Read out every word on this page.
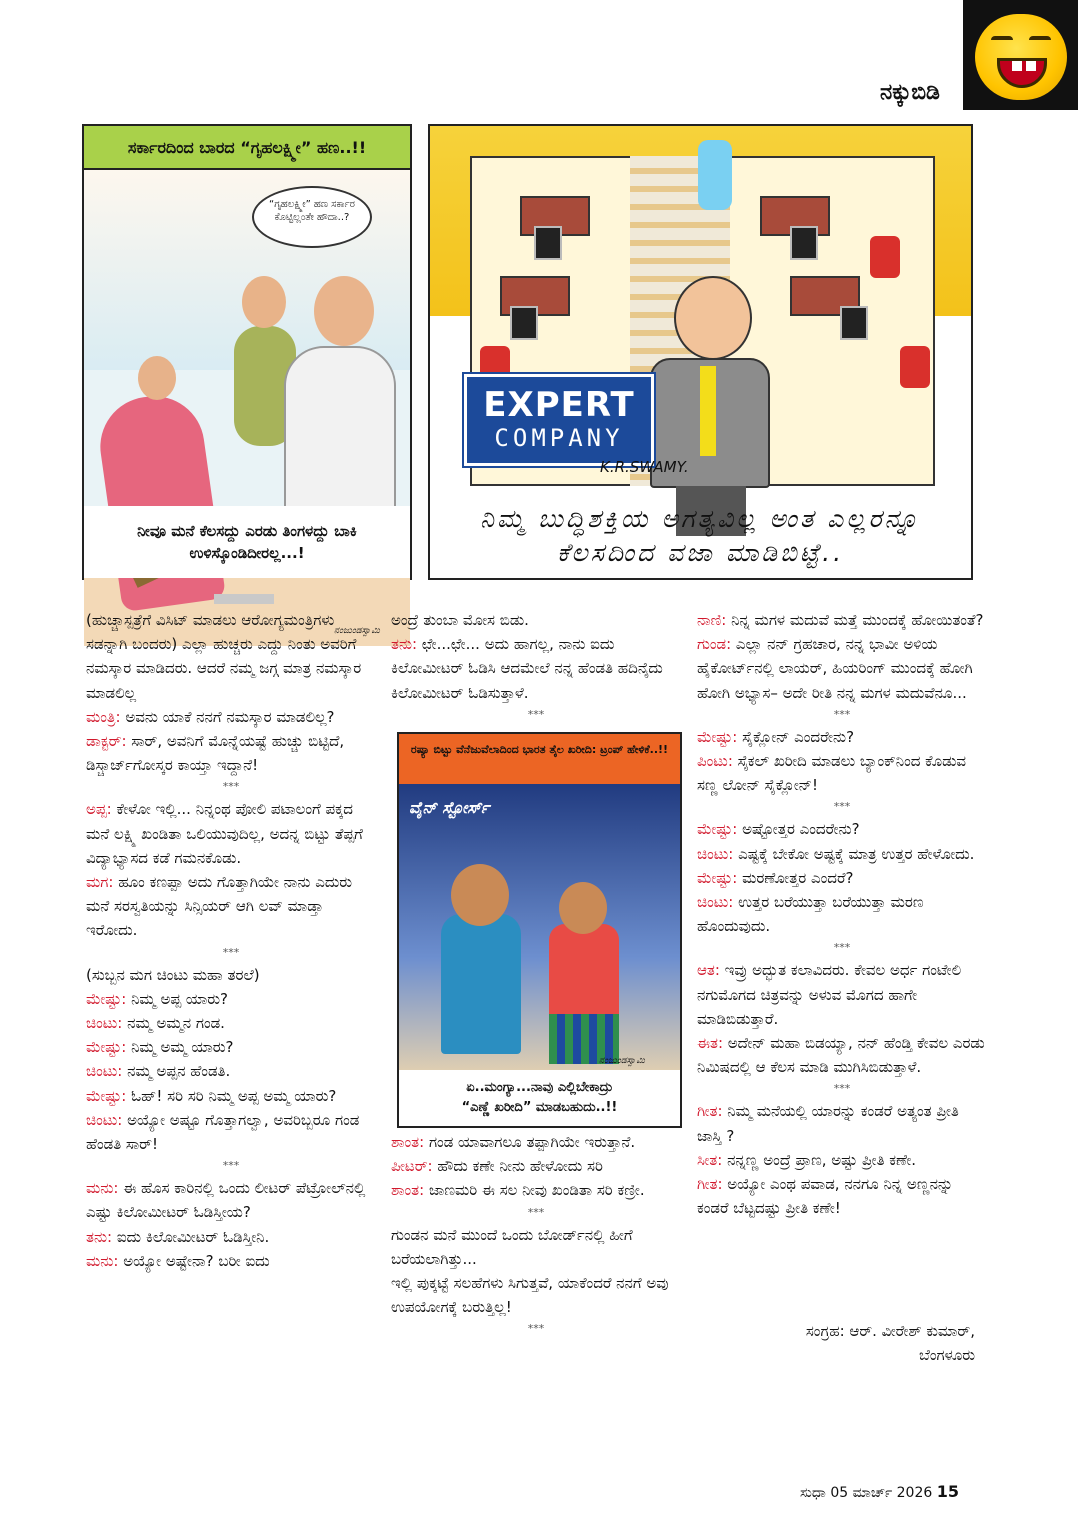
ನಕ್ಕುಬಿಡಿ
ಸರ್ಕಾರದಿಂದ ಬಾರದ “ಗೃಹಲಕ್ಷ್ಮೀ” ಹಣ..!!
“ಗೃಹಲಕ್ಷ್ಮೀ” ಹಣ ಸರ್ಕಾರ ಕೊಟ್ಟಿಲ್ಲಂತೇ ಹೌದಾ..?
ನಂಜುಂಡಸ್ವಾಮಿ
ನೀವೂ ಮನೆ ಕೆಲಸದ್ದು ಎರಡು ತಿಂಗಳದ್ದು ಬಾಕಿ ಉಳಿಸ್ಕೊಂಡಿದೀರಲ್ಲ...!
EXPERT
COMPANY
K.R.SWAMY.
ನಿಮ್ಮ ಬುದ್ಧಿಶಕ್ತಿಯ ಅಗತ್ಯವಿಲ್ಲ ಅಂತ ಎಲ್ಲರನ್ನೂ ಕೆಲಸದಿಂದ ವಜಾ ಮಾಡಿಬಿಟ್ಟೆ..

(ಹುಚ್ಚಾಸ್ಪತ್ರೆಗೆ ವಿಸಿಟ್ ಮಾಡಲು ಆರೋಗ್ಯಮಂತ್ರಿಗಳು ಸಡನ್ನಾಗಿ ಬಂದರು) ಎಲ್ಲಾ ಹುಚ್ಚರು ಎದ್ದು ನಿಂತು ಅವರಿಗೆ ನಮಸ್ಕಾರ ಮಾಡಿದರು. ಆದರೆ ನಮ್ಮ ಜಗ್ಗ ಮಾತ್ರ ನಮಸ್ಕಾರ ಮಾಡಲಿಲ್ಲ

ಮಂತ್ರಿ: ಅವನು ಯಾಕೆ ನನಗೆ ನಮಸ್ಕಾರ ಮಾಡಲಿಲ್ಲ?

ಡಾಕ್ಟರ್: ಸಾರ್, ಅವನಿಗೆ ಮೊನ್ನೆಯಷ್ಟೆ ಹುಚ್ಚು ಬಿಟ್ಟಿದೆ, ಡಿಸ್ಚಾರ್ಜ್‌ಗೋಸ್ಕರ ಕಾಯ್ತಾ ಇದ್ದಾನೆ!

***

ಅಪ್ಪ: ಕೇಳೋ ಇಲ್ಲಿ... ನಿನ್ನಂಥ ಪೋಲಿ ಪಟಾಲಂಗೆ ಪಕ್ಕದ ಮನೆ ಲಕ್ಷ್ಮಿ ಖಂಡಿತಾ ಒಲಿಯುವುದಿಲ್ಲ, ಅದನ್ನ ಬಿಟ್ಟು ತೆಪ್ಪಗೆ ವಿದ್ಯಾಭ್ಯಾಸದ ಕಡೆ ಗಮನಕೊಡು.

ಮಗ: ಹೂಂ ಕಣಪ್ಪಾ ಅದು ಗೊತ್ತಾಗಿಯೇ ನಾನು ಎದುರು ಮನೆ ಸರಸ್ವತಿಯನ್ನು ಸಿನ್ಸಿಯರ್ ಆಗಿ ಲವ್ ಮಾಡ್ತಾ ಇರೋದು.

***

(ಸುಬ್ಬನ ಮಗ ಚಿಂಟು ಮಹಾ ತರಲೆ)

ಮೇಷ್ಟು: ನಿಮ್ಮ ಅಪ್ಪ ಯಾರು?

ಚಿಂಟು: ನಮ್ಮ ಅಮ್ಮನ ಗಂಡ.

ಮೇಷ್ಟು: ನಿಮ್ಮ ಅಮ್ಮ ಯಾರು?

ಚಿಂಟು: ನಮ್ಮ ಅಪ್ಪನ ಹೆಂಡತಿ.

ಮೇಷ್ಟು: ಓಹ್! ಸರಿ ಸರಿ ನಿಮ್ಮ ಅಪ್ಪ ಅಮ್ಮ ಯಾರು?

ಚಿಂಟು: ಅಯ್ಯೋ ಅಷ್ಟೂ ಗೊತ್ತಾಗಲ್ವಾ, ಅವರಿಬ್ಬರೂ ಗಂಡ ಹೆಂಡತಿ ಸಾರ್!

***

ಮನು: ಈ ಹೊಸ ಕಾರಿನಲ್ಲಿ ಒಂದು ಲೀಟರ್ ಪೆಟ್ರೋಲ್‌ನಲ್ಲಿ ಎಷ್ಟು ಕಿಲೋಮೀಟರ್ ಓಡಿಸ್ತೀಯ?

ತನು: ಐದು ಕಿಲೋಮೀಟರ್ ಓಡಿಸ್ತೀನಿ.

ಮನು: ಅಯ್ಯೋ ಅಷ್ಟೇನಾ? ಬರೀ ಐದು

ಅಂದ್ರೆ ತುಂಬಾ ಮೋಸ ಬಿಡು.

ತನು: ಛೇ...ಛೇ... ಅದು ಹಾಗಲ್ಲ, ನಾನು ಐದು ಕಿಲೋಮೀಟರ್ ಓಡಿಸಿ ಆದಮೇಲೆ ನನ್ನ ಹೆಂಡತಿ ಹದಿನೈದು ಕಿಲೋಮೀಟರ್ ಓಡಿಸುತ್ತಾಳೆ.

***

ರಷ್ಯಾ ಬಿಟ್ಟು ವೆನೆಜುವೆಲಾದಿಂದ ಭಾರತ ತೈಲ ಖರೀದಿ: ಟ್ರಂಪ್ ಹೇಳಿಕೆ..!!
ವೈನ್ ಸ್ಟೋರ್ಸ್
ನಂಜುಂಡಸ್ವಾಮಿ
ಏ..ಮಂಗ್ಯಾ...ನಾವು ಎಲ್ಲಿಬೇಕಾದ್ರು
“ಎಣ್ಣೆ ಖರೀದಿ” ಮಾಡಬಹುದು..!!

ಶಾಂತ: ಗಂಡ ಯಾವಾಗಲೂ ತಪ್ಪಾಗಿಯೇ ಇರುತ್ತಾನೆ.

ಪೀಟರ್: ಹೌದು ಕಣೇ ನೀನು ಹೇಳೋದು ಸರಿ

ಶಾಂತ: ಜಾಣಮರಿ ಈ ಸಲ ನೀವು ಖಂಡಿತಾ ಸರಿ ಕಣ್ರೀ.

***

ಗುಂಡನ ಮನೆ ಮುಂದೆ ಒಂದು ಬೋರ್ಡ್‌ನಲ್ಲಿ ಹೀಗೆ ಬರೆಯಲಾಗಿತ್ತು...

ಇಲ್ಲಿ ಪುಕ್ಕಟ್ಟೆ ಸಲಹೆಗಳು ಸಿಗುತ್ತವೆ, ಯಾಕೆಂದರೆ ನನಗೆ ಅವು ಉಪಯೋಗಕ್ಕೆ ಬರುತ್ತಿಲ್ಲ!

***

ನಾಣಿ: ನಿನ್ನ ಮಗಳ ಮದುವೆ ಮತ್ತೆ ಮುಂದಕ್ಕೆ ಹೋಯಿತಂತೆ?

ಗುಂಡ: ಎಲ್ಲಾ ನನ್ ಗ್ರಹಚಾರ, ನನ್ನ ಭಾವೀ ಅಳಿಯ ಹೈಕೋರ್ಟ್‌ನಲ್ಲಿ ಲಾಯರ್, ಹಿಯರಿಂಗ್ ಮುಂದಕ್ಕೆ ಹೋಗಿ ಹೋಗಿ ಅಭ್ಯಾಸ– ಅದೇ ರೀತಿ ನನ್ನ ಮಗಳ ಮದುವೆನೂ...

***

ಮೇಷ್ಟು: ಸೈಕ್ಲೋನ್ ಎಂದರೇನು?

ಪಿಂಟು: ಸೈಕಲ್ ಖರೀದಿ ಮಾಡಲು ಬ್ಯಾಂಕ್‌ನಿಂದ ಕೊಡುವ ಸಣ್ಣ ಲೋನ್ ಸೈಕ್ಲೋನ್!

***

ಮೇಷ್ಟು: ಅಷ್ಟೋತ್ತರ ಎಂದರೇನು?

ಚಿಂಟು: ಎಷ್ಟಕ್ಕೆ ಬೇಕೋ ಅಷ್ಟಕ್ಕೆ ಮಾತ್ರ ಉತ್ತರ ಹೇಳೋದು.

ಮೇಷ್ಟು: ಮರಣೋತ್ತರ ಎಂದರೆ?

ಚಿಂಟು: ಉತ್ತರ ಬರೆಯುತ್ತಾ ಬರೆಯುತ್ತಾ ಮರಣ ಹೊಂದುವುದು.

***

ಆತ: ಇವ್ರು ಅದ್ಭುತ ಕಲಾವಿದರು. ಕೇವಲ ಅರ್ಧ ಗಂಟೇಲಿ ನಗುಮೊಗದ ಚಿತ್ರವನ್ನು ಅಳುವ ಮೊಗದ ಹಾಗೇ ಮಾಡಿಬಿಡುತ್ತಾರೆ.

ಈತ: ಅದೇನ್ ಮಹಾ ಬಿಡಯ್ಯಾ, ನನ್ ಹೆಂಡ್ತಿ ಕೇವಲ ಎರಡು ನಿಮಿಷದಲ್ಲಿ ಆ ಕೆಲಸ ಮಾಡಿ ಮುಗಿಸಿಬಿಡುತ್ತಾಳೆ.

***

ಗೀತ: ನಿಮ್ಮ ಮನೆಯಲ್ಲಿ ಯಾರನ್ನು ಕಂಡರೆ ಅತ್ಯಂತ ಪ್ರೀತಿ ಜಾಸ್ತಿ ?

ಸೀತ: ನನ್ನಣ್ಣ ಅಂದ್ರೆ ಪ್ರಾಣ, ಅಷ್ಟು ಪ್ರೀತಿ ಕಣೇ.

ಗೀತ: ಅಯ್ಯೋ ಎಂಥ ಪವಾಡ, ನನಗೂ ನಿನ್ನ ಅಣ್ಣನನ್ನು ಕಂಡರೆ ಬೆಟ್ಟದಷ್ಟು ಪ್ರೀತಿ ಕಣೇ!

ಸಂಗ್ರಹ: ಆರ್. ವೀರೇಶ್ ಕುಮಾರ್,
ಬೆಂಗಳೂರು
ಸುಧಾ 05 ಮಾರ್ಚ್ 2026 15
